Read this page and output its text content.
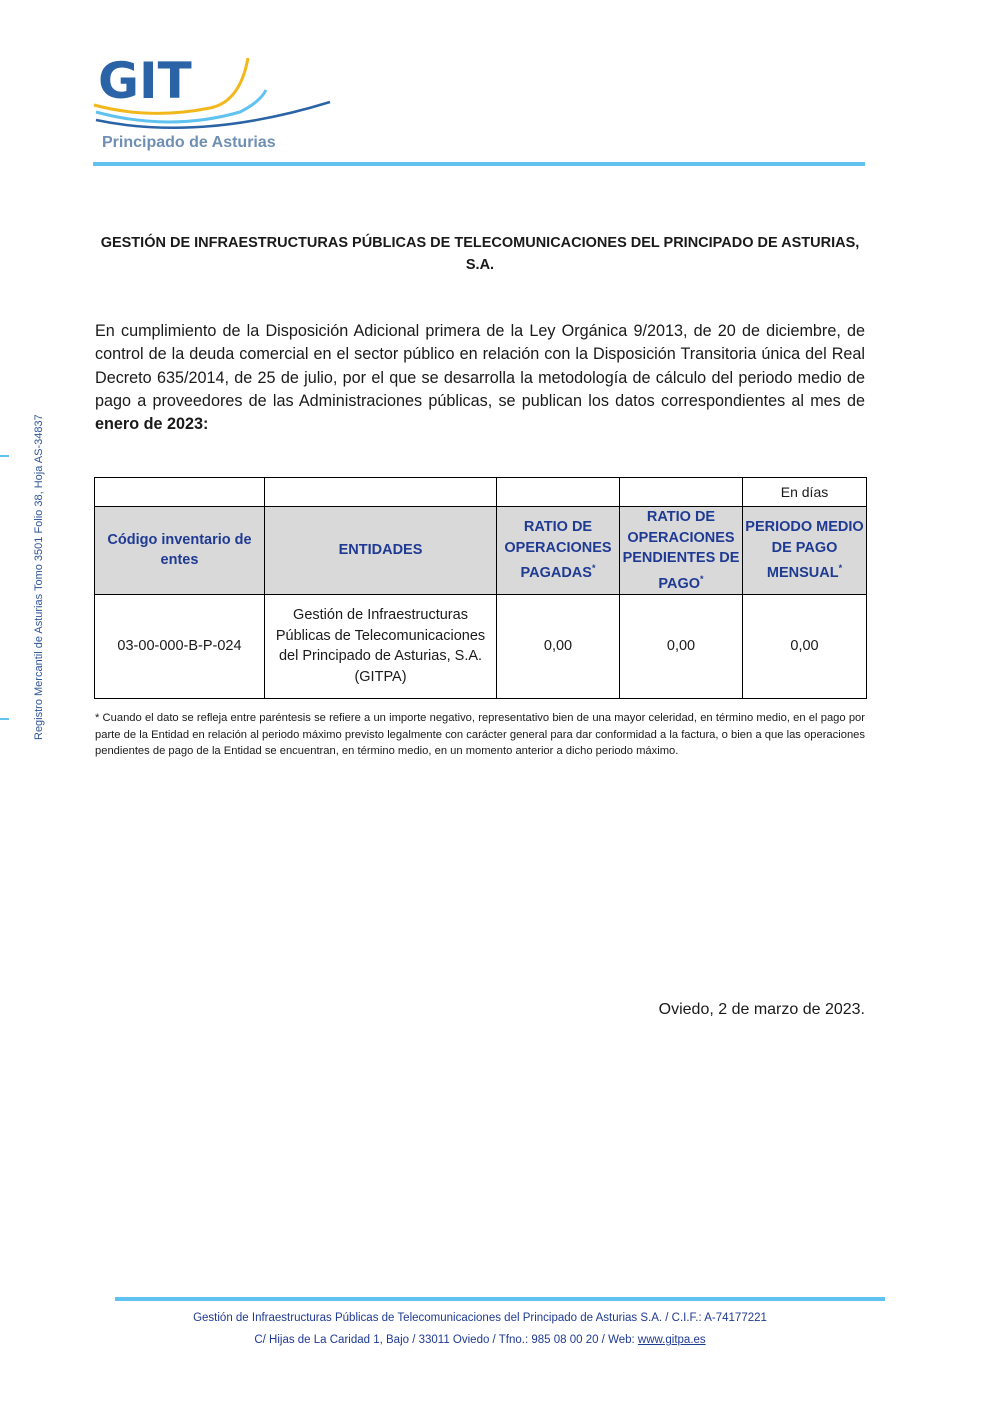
GIT
Principado de Asturias
Registro Mercantil de Asturias Tomo 3501 Folio 38, Hoja AS-34837
GESTIÓN DE INFRAESTRUCTURAS PÚBLICAS DE TELECOMUNICACIONES DEL PRINCIPADO DE ASTURIAS, S.A.
En cumplimiento de la Disposición Adicional primera de la Ley Orgánica 9/2013, de 20 de diciembre, de control de la deuda comercial en el sector público en relación con la Disposición Transitoria única del Real Decreto 635/2014, de 25 de julio, por el que se desarrolla la metodología de cálculo del periodo medio de pago a proveedores de las Administraciones públicas, se publican los datos correspondientes al mes de enero de 2023:
				En días
Código inventario de entes	ENTIDADES	RATIO DE OPERACIONES PAGADAS*	RATIO DE OPERACIONES PENDIENTES DE PAGO*	PERIODO MEDIO DE PAGO MENSUAL*
03-00-000-B-P-024	Gestión de Infraestructuras Públicas de Telecomunicaciones del Principado de Asturias, S.A. (GITPA)	0,00	0,00	0,00
* Cuando el dato se refleja entre paréntesis se refiere a un importe negativo, representativo bien de una mayor celeridad, en término medio, en el pago por parte de la Entidad en relación al periodo máximo previsto legalmente con carácter general para dar conformidad a la factura, o bien a que las operaciones pendientes de pago de la Entidad se encuentran, en término medio, en un momento anterior a dicho periodo máximo.
Oviedo, 2 de marzo de 2023.
Gestión de Infraestructuras Públicas de Telecomunicaciones del Principado de Asturias S.A. / C.I.F.: A-74177221
C/ Hijas de La Caridad 1, Bajo / 33011 Oviedo / Tfno.: 985 08 00 20 / Web: www.gitpa.es
